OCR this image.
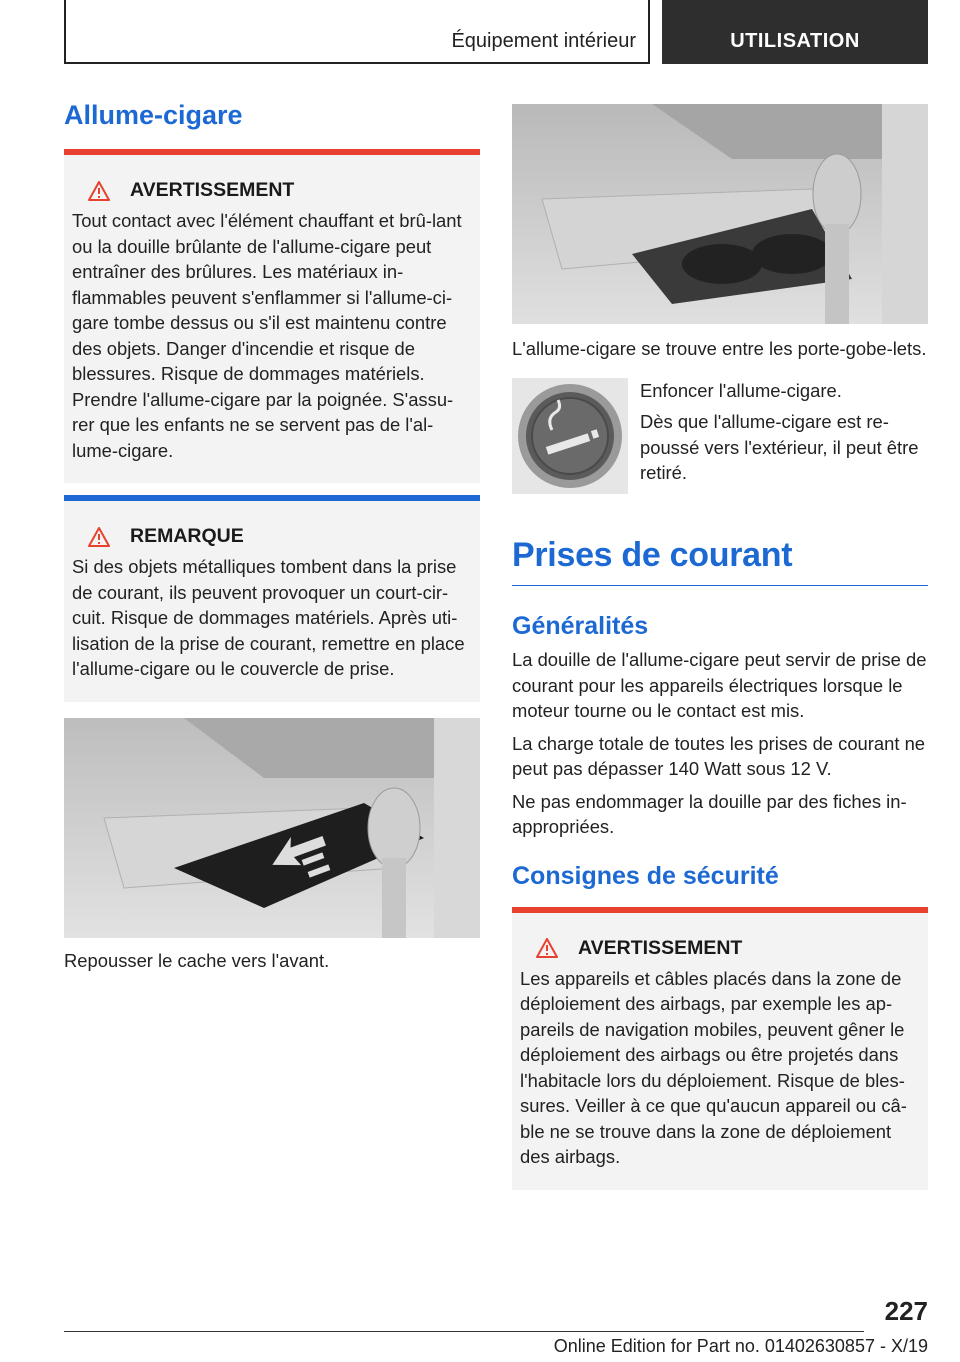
Équipement intérieur	UTILISATION
Allume-cigare
AVERTISSEMENT

Tout contact avec l'élément chauffant et brû-lant ou la douille brûlante de l'allume-cigare peut entraîner des brûlures. Les matériaux in-flammables peuvent s'enflammer si l'allume-ci-gare tombe dessus ou s'il est maintenu contre des objets. Danger d'incendie et risque de blessures. Risque de dommages matériels. Prendre l'allume-cigare par la poignée. S'assu-rer que les enfants ne se servent pas de l'al-lume-cigare.

REMARQUE

Si des objets métalliques tombent dans la prise de courant, ils peuvent provoquer un court-cir-cuit. Risque de dommages matériels. Après uti-lisation de la prise de courant, remettre en place l'allume-cigare ou le couvercle de prise.

Repousser le cache vers l'avant.

L'allume-cigare se trouve entre les porte-gobe-lets.

Enfoncer l'allume-cigare.

Dès que l'allume-cigare est re-poussé vers l'extérieur, il peut être retiré.

Prises de courant
Généralités

La douille de l'allume-cigare peut servir de prise de courant pour les appareils électriques lorsque le moteur tourne ou le contact est mis.

La charge totale de toutes les prises de courant ne peut pas dépasser 140 Watt sous 12 V.

Ne pas endommager la douille par des fiches in-appropriées.

Consignes de sécurité
AVERTISSEMENT

Les appareils et câbles placés dans la zone de déploiement des airbags, par exemple les ap-pareils de navigation mobiles, peuvent gêner le déploiement des airbags ou être projetés dans l'habitacle lors du déploiement. Risque de bles-sures. Veiller à ce que qu'aucun appareil ou câ-ble ne se trouve dans la zone de déploiement des airbags.

227
Online Edition for Part no. 01402630857 - X/19
